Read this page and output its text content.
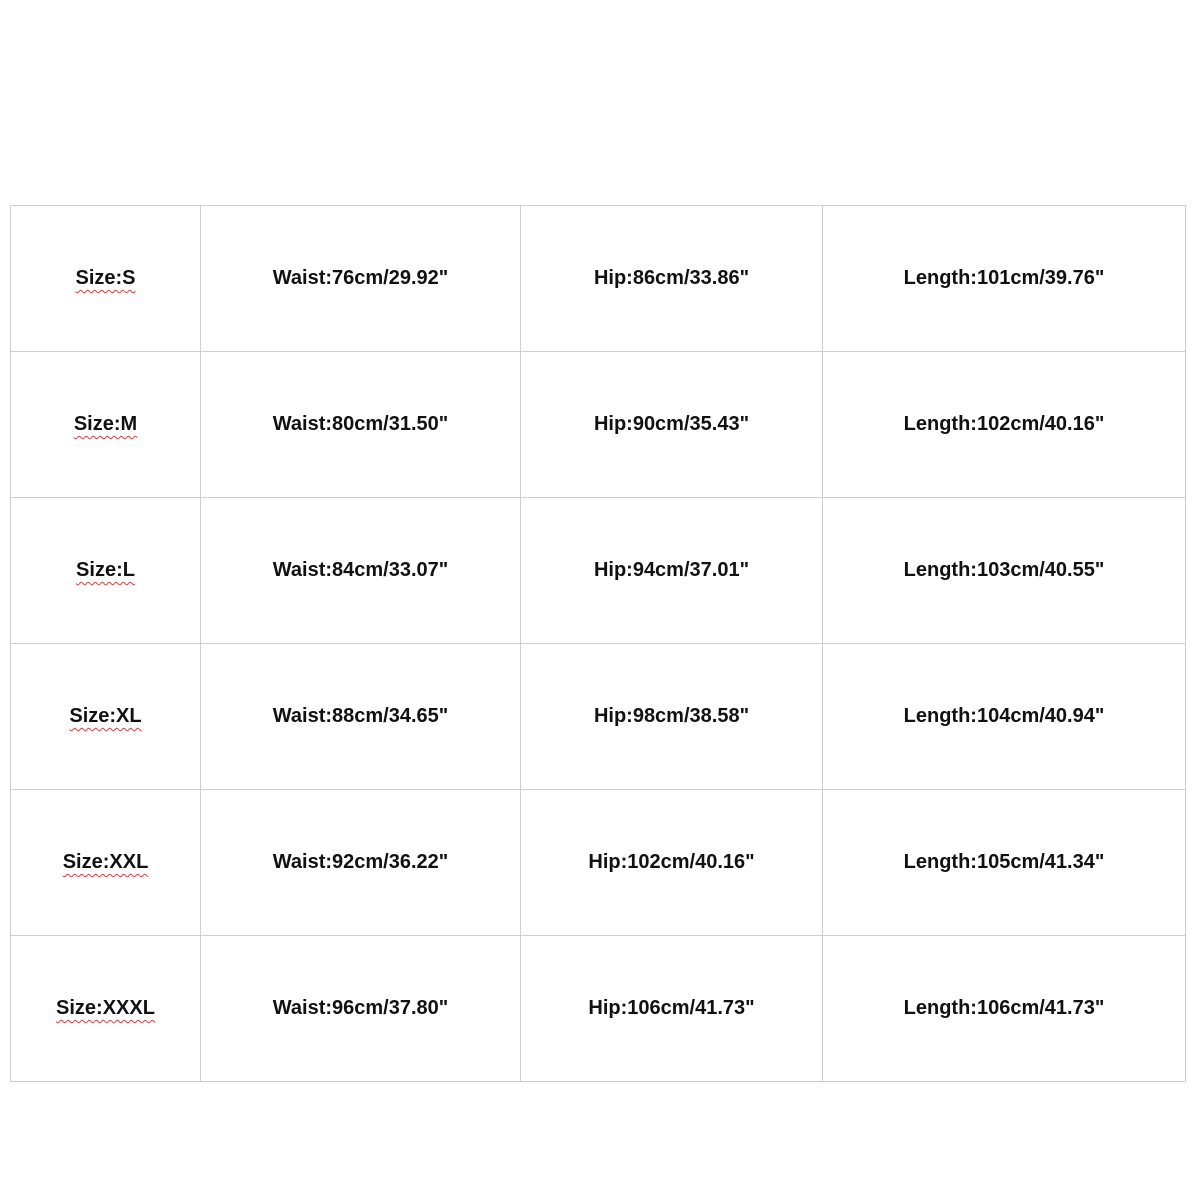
Size:S	Waist:76cm/29.92"	Hip:86cm/33.86"	Length:101cm/39.76"
Size:M	Waist:80cm/31.50"	Hip:90cm/35.43"	Length:102cm/40.16"
Size:L	Waist:84cm/33.07"	Hip:94cm/37.01"	Length:103cm/40.55"
Size:XL	Waist:88cm/34.65"	Hip:98cm/38.58"	Length:104cm/40.94"
Size:XXL	Waist:92cm/36.22"	Hip:102cm/40.16"	Length:105cm/41.34"
Size:XXXL	Waist:96cm/37.80"	Hip:106cm/41.73"	Length:106cm/41.73"
